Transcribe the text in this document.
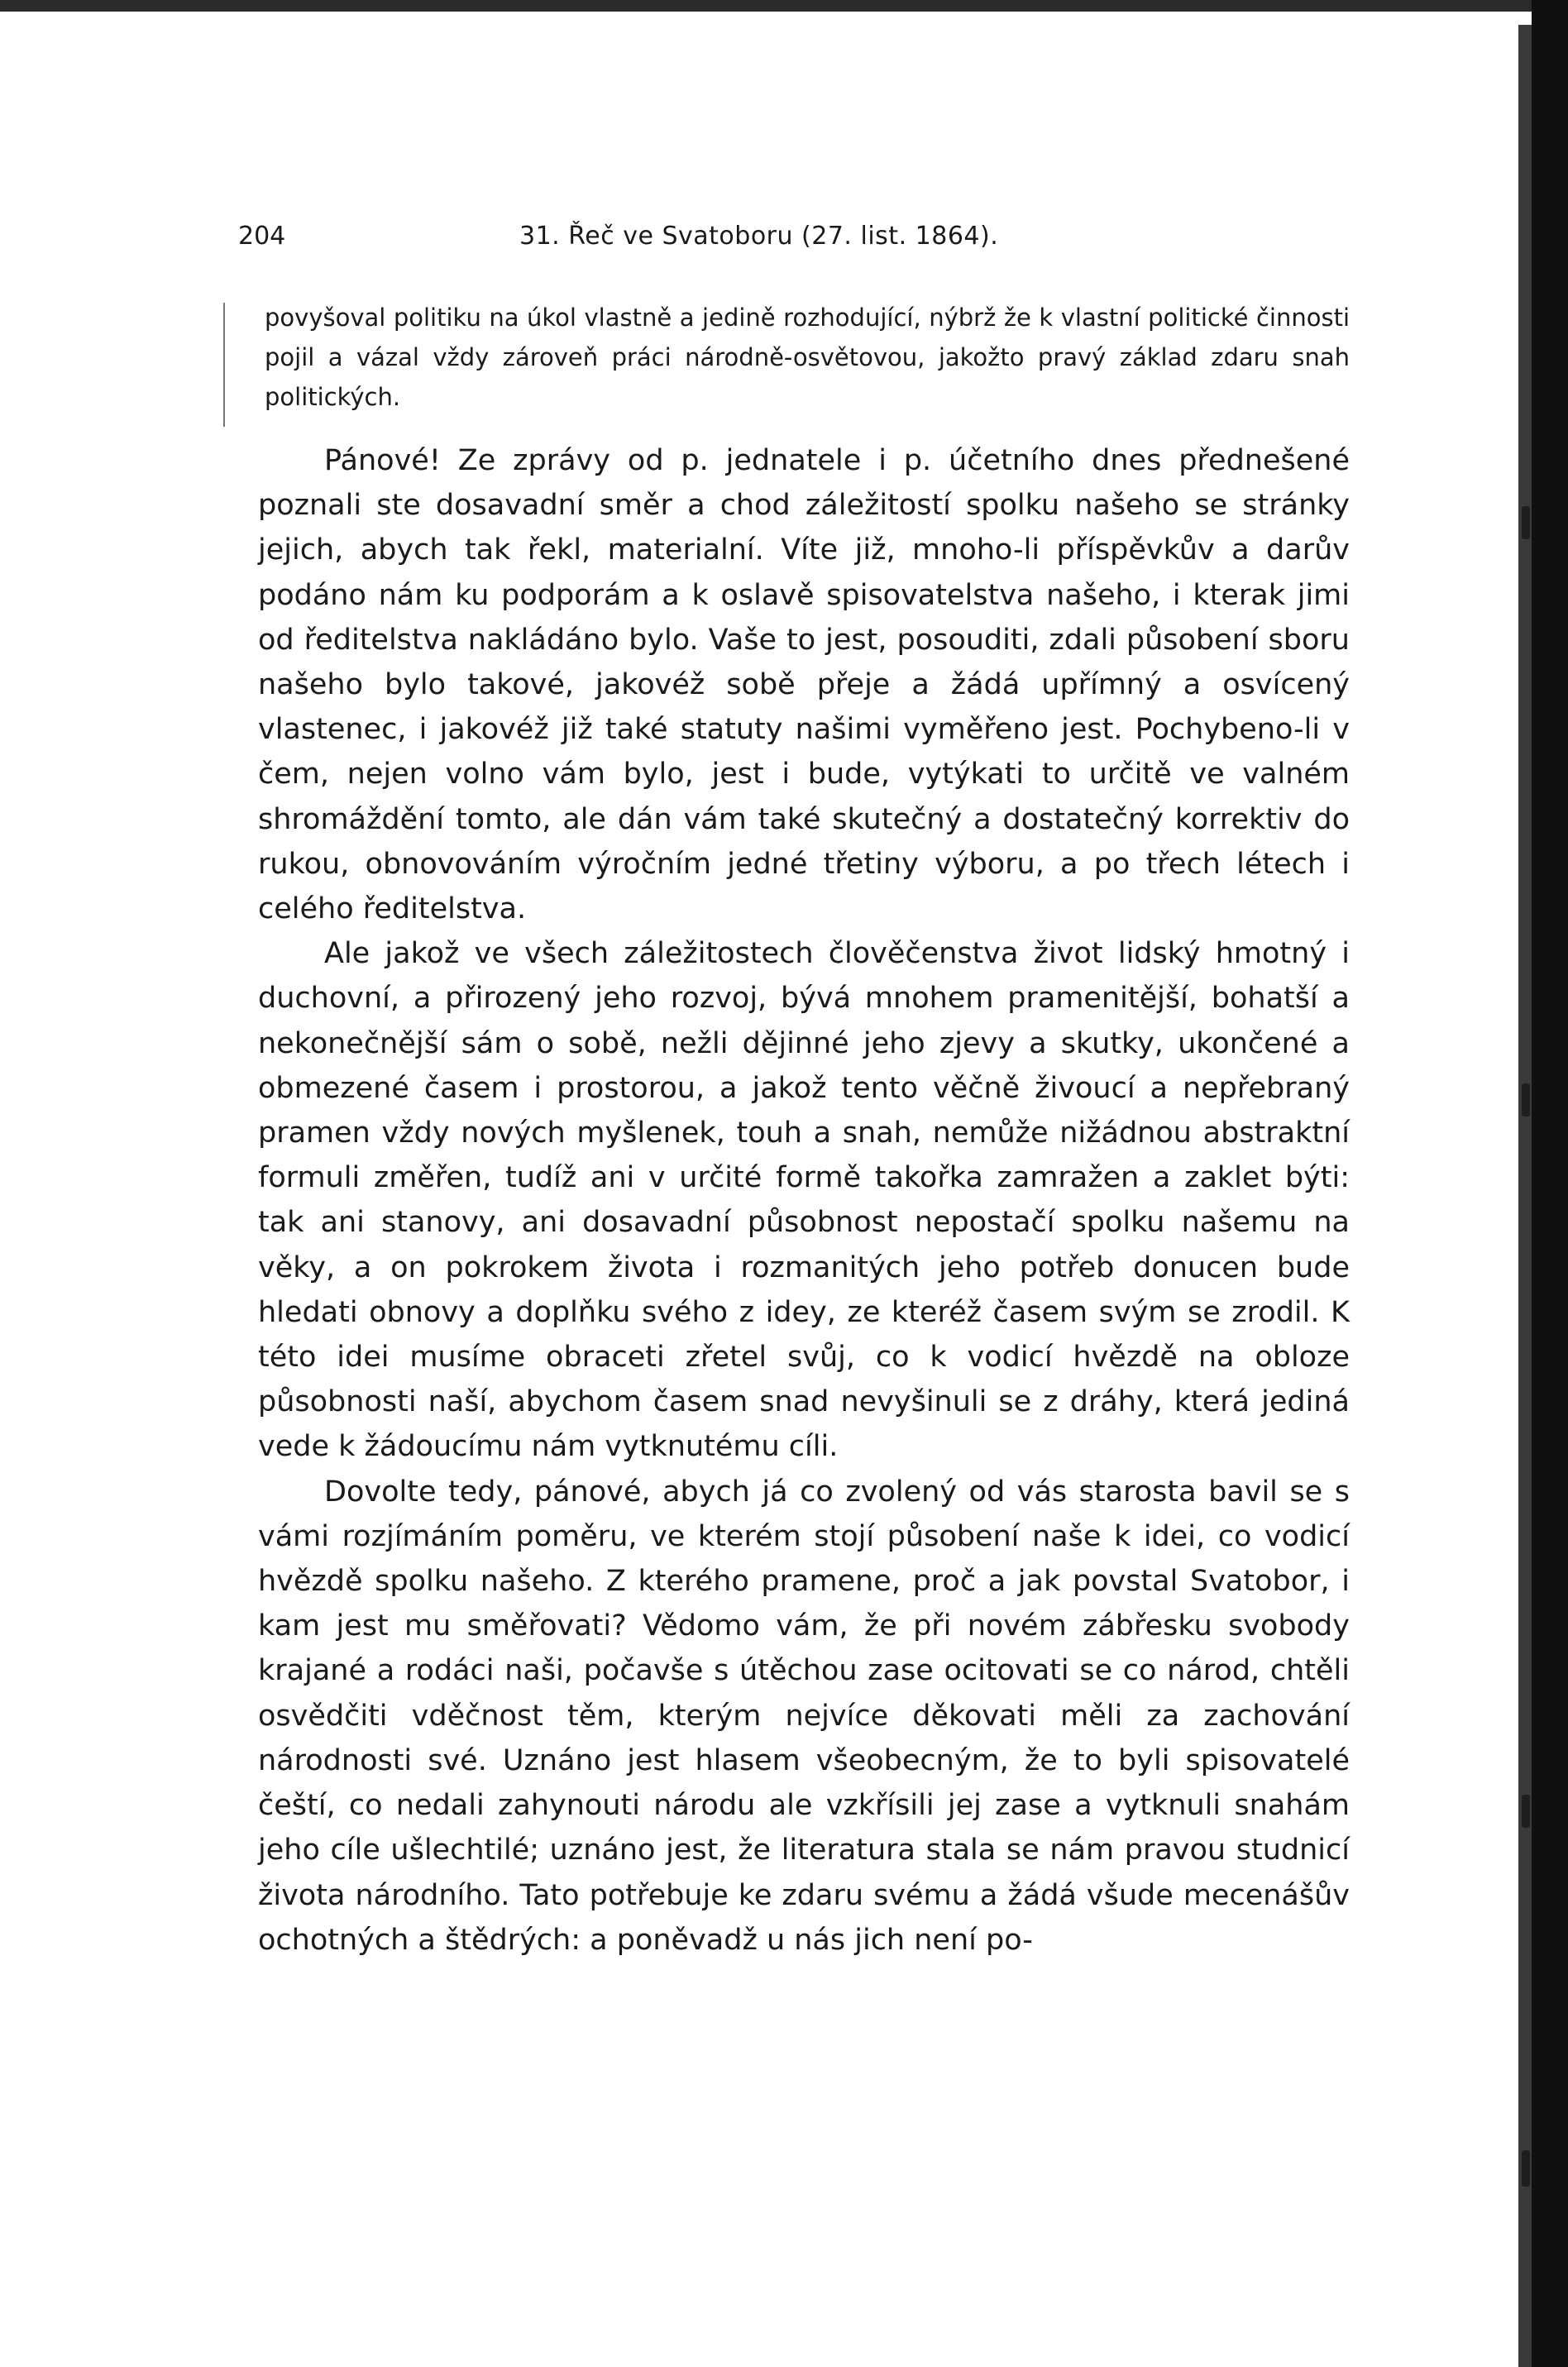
204	31. Řeč ve Svatoboru (27. list. 1864).

povyšoval politiku na úkol vlastně a jedině rozhodující, nýbrž že k vlastní politické činnosti pojil a vázal vždy zároveň práci národně-osvětovou, jakožto pravý základ zdaru snah politických.

Pánové! Ze zprávy od p. jednatele i p. účetního dnes přednešené poznali ste dosavadní směr a chod záležitostí spolku našeho se stránky jejich, abych tak řekl, materialní. Víte již, mnoho-li příspěvkův a darův podáno nám ku podporám a k oslavě spisovatelstva našeho, i kterak jimi od ředitelstva nakládáno bylo. Vaše to jest, posouditi, zdali působení sboru našeho bylo takové, jakovéž sobě přeje a žádá upřímný a osvícený vlastenec, i jakovéž již také statuty našimi vyměřeno jest. Pochybeno-li v čem, nejen volno vám bylo, jest i bude, vytýkati to určitě ve valném shromáždění tomto, ale dán vám také skutečný a dostatečný korrektiv do rukou, obnovováním výročním jedné třetiny výboru, a po třech létech i celého ředitelstva.

Ale jakož ve všech záležitostech člověčenstva život lidský hmotný i duchovní, a přirozený jeho rozvoj, bývá mnohem pramenitější, bohatší a nekonečnější sám o sobě, nežli dějinné jeho zjevy a skutky, ukončené a obmezené časem i prostorou, a jakož tento věčně živoucí a nepřebraný pramen vždy nových myšlenek, touh a snah, nemůže nižádnou abstraktní formuli změřen, tudíž ani v určité formě takořka zamražen a zaklet býti: tak ani stanovy, ani dosavadní působnost nepostačí spolku našemu na věky, a on pokrokem života i rozmanitých jeho potřeb donucen bude hledati obnovy a doplňku svého z idey, ze kteréž časem svým se zrodil. K této idei musíme obraceti zřetel svůj, co k vodicí hvězdě na obloze působnosti naší, abychom časem snad nevyšinuli se z dráhy, která jediná vede k žádoucímu nám vytknutému cíli.

Dovolte tedy, pánové, abych já co zvolený od vás starosta bavil se s vámi rozjímáním poměru, ve kterém stojí působení naše k idei, co vodicí hvězdě spolku našeho. Z kterého pramene, proč a jak povstal Svatobor, i kam jest mu směřovati? Vědomo vám, že při novém zábřesku svobody krajané a rodáci naši, počavše s útěchou zase ocitovati se co národ, chtěli osvědčiti vděčnost těm, kterým nejvíce děkovati měli za zachování národnosti své. Uznáno jest hlasem všeobecným, že to byli spisovatelé čeští, co nedali zahynouti národu ale vzkřísili jej zase a vytknuli snahám jeho cíle ušlechtilé; uznáno jest, že literatura stala se nám pravou studnicí života národního. Tato potřebuje ke zdaru svému a žádá všude mecenášův ochotných a štědrých: a poněvadž u nás jich není po-
